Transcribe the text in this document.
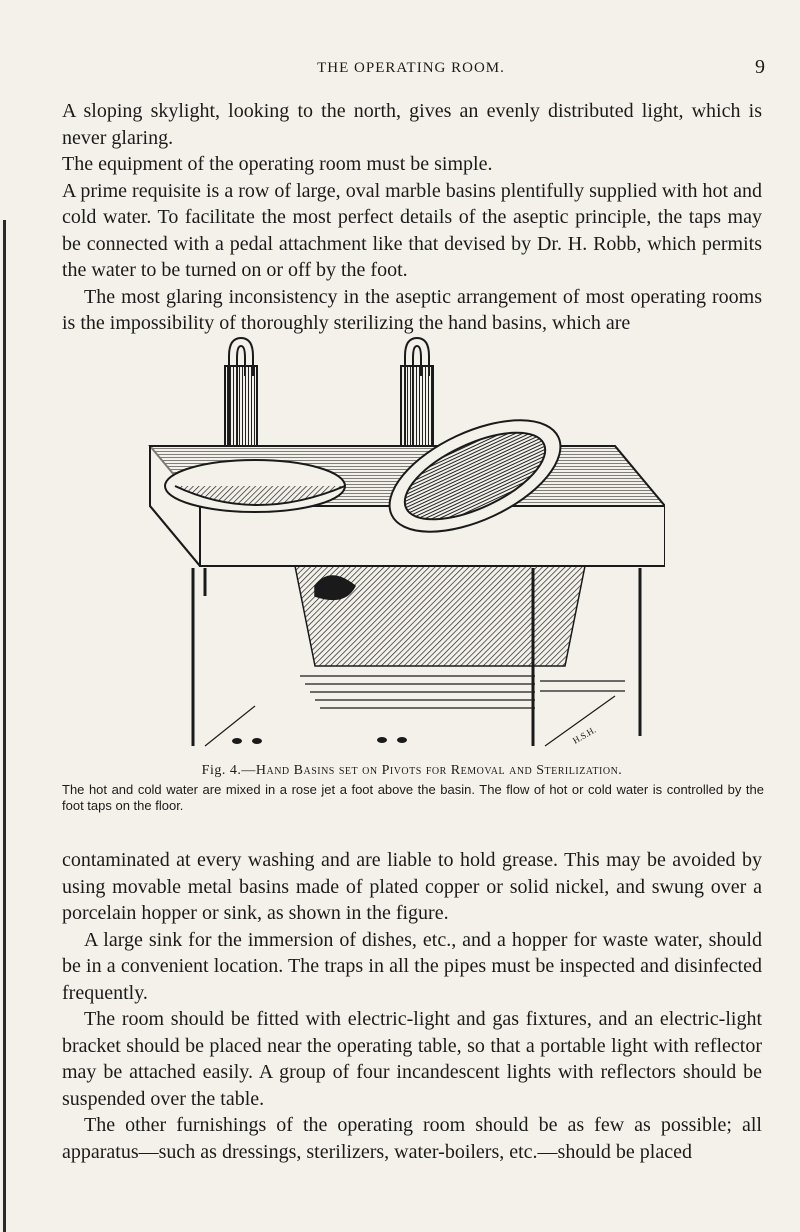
THE OPERATING ROOM.	9

A sloping skylight, looking to the north, gives an evenly distributed light, which is never glaring.

The equipment of the operating room must be simple.

A prime requisite is a row of large, oval marble basins plentifully supplied with hot and cold water. To facilitate the most perfect details of the aseptic principle, the taps may be connected with a pedal attachment like that devised by Dr. H. Robb, which permits the water to be turned on or off by the foot.

The most glaring inconsistency in the aseptic arrangement of most operating rooms is the impossibility of thoroughly sterilizing the hand basins, which are

H.S.H.
Fig. 4.—Hand Basins set on Pivots for Removal and Sterilization.
The hot and cold water are mixed in a rose jet a foot above the basin. The flow of hot or cold water is controlled by the foot taps on the floor.

contaminated at every washing and are liable to hold grease. This may be avoided by using movable metal basins made of plated copper or solid nickel, and swung over a porcelain hopper or sink, as shown in the figure.

A large sink for the immersion of dishes, etc., and a hopper for waste water, should be in a convenient location. The traps in all the pipes must be inspected and disinfected frequently.

The room should be fitted with electric-light and gas fixtures, and an electric-light bracket should be placed near the operating table, so that a portable light with reflector may be attached easily. A group of four incandescent lights with reflectors should be suspended over the table.

The other furnishings of the operating room should be as few as possible; all apparatus—such as dressings, sterilizers, water-boilers, etc.—should be placed
